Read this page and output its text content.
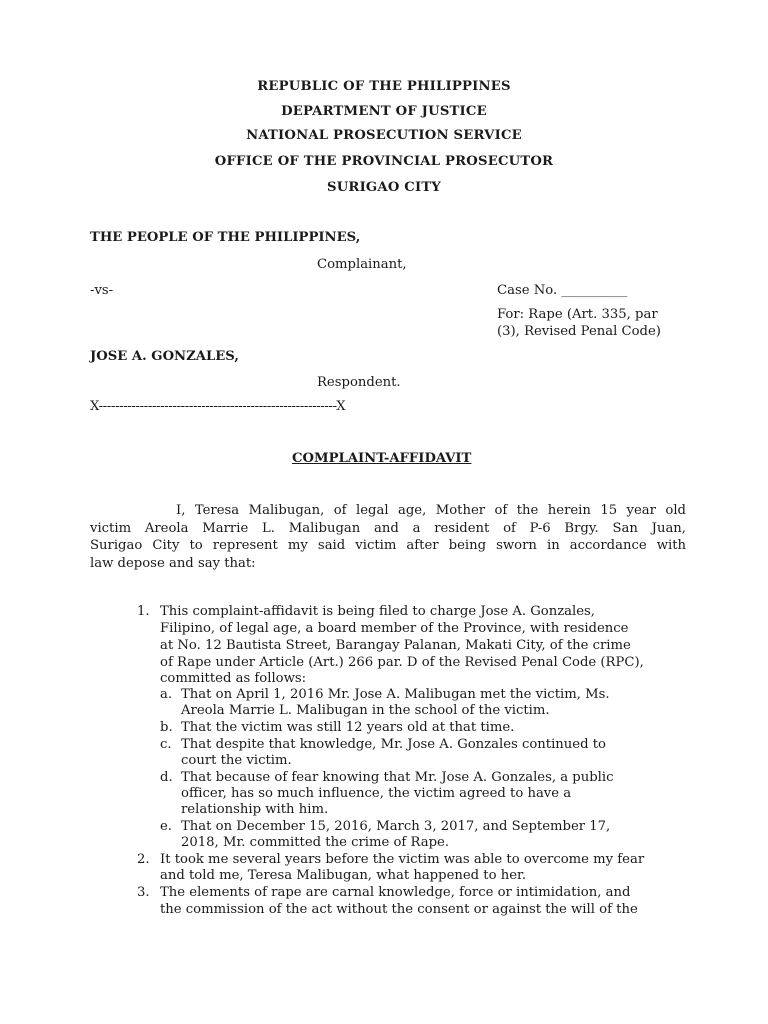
REPUBLIC OF THE PHILIPPINES
DEPARTMENT OF JUSTICE
NATIONAL PROSECUTION SERVICE
OFFICE OF THE PROVINCIAL PROSECUTOR
SURIGAO CITY
THE PEOPLE OF THE PHILIPPINES,
Complainant,
-vs-	Case No. __________
For: Rape (Art. 335, par
(3), Revised Penal Code)
JOSE A. GONZALES,
Respondent.
X----------------------------------------------------------X
COMPLAINT-AFFIDAVIT
I, Teresa Malibugan, of legal age, Mother of the herein 15 year old
victim Areola Marrie L. Malibugan and a resident of P-6 Brgy. San Juan,
Surigao City to represent my said victim after being sworn in accordance with
law depose and say that:
1. This complaint-affidavit is being filed to charge Jose A. Gonzales,
Filipino, of legal age, a board member of the Province, with residence
at No. 12 Bautista Street, Barangay Palanan, Makati City, of the crime
of Rape under Article (Art.) 266 par. D of the Revised Penal Code (RPC),
committed as follows:
a. That on April 1, 2016 Mr. Jose A. Malibugan met the victim, Ms.
Areola Marrie L. Malibugan in the school of the victim.
b. That the victim was still 12 years old at that time.
c. That despite that knowledge, Mr. Jose A. Gonzales continued to
court the victim.
d. That because of fear knowing that Mr. Jose A. Gonzales, a public
officer, has so much influence, the victim agreed to have a
relationship with him.
e. That on December 15, 2016, March 3, 2017, and September 17,
2018, Mr. committed the crime of Rape.
2. It took me several years before the victim was able to overcome my fear
and told me, Teresa Malibugan, what happened to her.
3. The elements of rape are carnal knowledge, force or intimidation, and
the commission of the act without the consent or against the will of the
